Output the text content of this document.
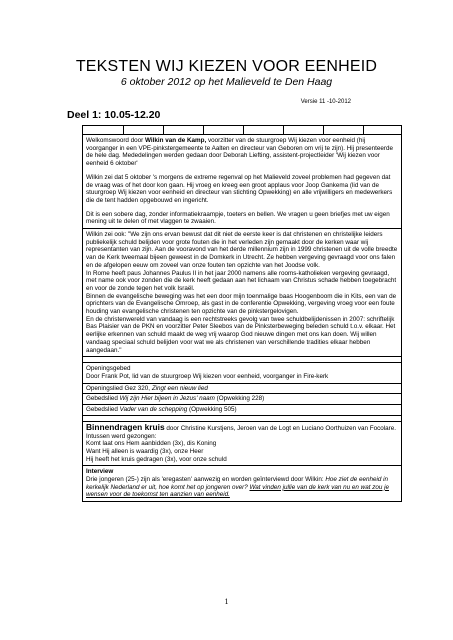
TEKSTEN WIJ KIEZEN VOOR EENHEID
6 oktober 2012 op het Malieveld te Den Haag
Versie 11 -10-2012
Deel 1: 10.05-12.20

Welkomswoord door Wilkin van de Kamp, voorzitter van de stuurgroep Wij kiezen voor eenheid (hij voorganger in een VPE-pinkstergemeente te Aalten en directeur van Geboren om vrij te zijn). Hij presenteerde de hele dag. Mededelingen werden gedaan door Deborah Liefting, assistent-projectleider 'Wij kiezen voor eenheid 6 oktober'

Wilkin zei dat 5 oktober 's morgens de extreme regenval op het Malieveld zoveel problemen had gegeven dat de vraag was of het door kon gaan. Hij vroeg en kreeg een groot applaus voor Joop Gankema (lid van de stuurgroep Wij kiezen voor eenheid en directeur van stichting Opwekking) en alle vrijwilligers en medewerkers die de tent hadden opgebouwd en ingericht.

Dit is een sobere dag, zonder informatiekraampje, toeters en bellen. We vragen u geen briefjes met uw eigen mening uit te delen of met vlaggen te zwaaien.

Wilkin zei ook: "We zijn ons ervan bewust dat dit niet de eerste keer is dat christenen en christelijke leiders publiekelijk schuld belijden voor grote fouten die in het verleden zijn gemaakt door de kerken waar wij representanten van zijn. Aan de vooravond van het derde millennium zijn in 1999 christenen uit de volle breedte van de Kerk tweemaal bijeen geweest in de Domkerk in Utrecht. Ze hebben vergeving gevraagd voor ons falen en de afgelopen eeuw om zoveel van onze fouten ten opzichte van het Joodse volk.

In Rome heeft paus Johannes Paulus II in het jaar 2000 namens alle rooms-katholieken vergeving gevraagd, met name ook voor zonden die de kerk heeft gedaan aan het lichaam van Christus schade hebben toegebracht en voor de zonde tegen het volk Israël.

Binnen de evangelische beweging was het een door mijn toenmalige baas Hoogenboom die in Kits, een van de oprichters van de Evangelische Omroep, als gast in de conferentie Opwekking, vergeving vroeg voor een foute houding van evangelische christenen ten opzichte van de pinkstergelovigen.

En de christenwereld van vandaag is een rechtstreeks gevolg van twee schuldbelijdenissen in 2007: schriftelijk Bas Plaisier van de PKN en voorzitter Peter Sleebos van de Pinksterbeweging beleden schuld t.o.v. elkaar. Het eerlijke erkennen van schuld maakt de weg vrij waarop God nieuwe dingen met ons kan doen. Wij willen vandaag speciaal schuld belijden voor wat we als christenen van verschillende tradities elkaar hebben aangedaan."

Openingsgebed
Door Frank Pot, lid van de stuurgroep Wij kiezen voor eenheid, voorganger in Fire-kerk
Openingslied Gez 320, Zingt een nieuw lied
Gebedslied Wij zijn Hier bijeen in Jezus' naam (Opwekking 228)
Gebedslied Vader van de schepping (Opwekking 505)
Binnendragen kruis door Christine Kurstjens, Jeroen van de Logt en Luciano Oorthuizen van Focolare.
Intussen werd gezongen:
Komt laat ons Hem aanbidden (3x), dis Koning
Want Hij alleen is waardig (3x), onze Heer
Hij heeft het kruis gedragen (3x), voor onze schuld
Interview
Drie jongeren (25-) zijn als 'eregasten' aanwezig en worden geïnterviewd door Wilkin: Hoe ziet de eenheid in kerkelijk Nederland er uit, hoe komt het op jongeren over? Wat vinden jullie van de kerk van nu en wat zou je wensen voor de toekomst ten aanzien van eenheid.
1
